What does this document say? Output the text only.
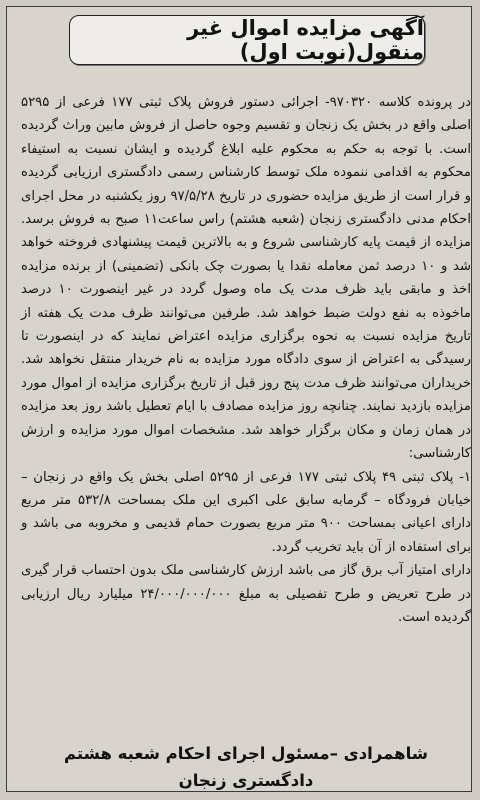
آگهی مزایده اموال غیر منقول(نوبت اول)

در پرونده کلاسه ۹۷۰۳۲۰- اجرائی دستور فروش پلاک ثبتی ۱۷۷ فرعی از ۵۲۹۵ اصلی واقع در بخش یک زنجان و تقسیم وجوه حاصل از فروش مابین وراث گردیده است. با توجه به حکم به محکوم علیه ابلاغ گردیده و ایشان نسبت به استیفاء محکوم به اقدامی ننموده ملک توسط کارشناس رسمی دادگستری ارزیابی گردیده و قرار است از طریق مزایده حضوری در تاریخ ۹۷/۵/۲۸ روز یکشنبه در محل اجرای احکام مدنی دادگستری زنجان (شعبه هشتم) راس ساعت۱۱ صبح به فروش برسد. مزایده از قیمت پایه کارشناسی شروع و به بالاترین قیمت پیشنهادی فروخته خواهد شد و ۱۰ درصد ثمن معامله نقدا یا بصورت چک بانکی (تضمینی) از برنده مزایده اخذ و مابقی باید ظرف مدت یک ماه وصول گردد در غیر اینصورت ۱۰ درصد ماخوذه به نفع دولت ضبط خواهد شد. طرفین می‌توانند ظرف مدت یک هفته از تاریخ مزایده نسبت به نحوه برگزاری مزایده اعتراض نمایند که در اینصورت تا رسیدگی به اعتراض از سوی دادگاه مورد مزایده به نام خریدار منتقل نخواهد شد. خریداران می‌توانند ظرف مدت پنج روز قبل از تاریخ برگزاری مزایده از اموال مورد مزایده بازدید نمایند. چنانچه روز مزایده مصادف با ایام تعطیل باشد روز بعد مزایده در همان زمان و مکان برگزار خواهد شد. مشخصات اموال مورد مزایده و ارزش کارشناسی:

۱- پلاک ثبتی ۴۹ پلاک ثبتی ۱۷۷ فرعی از ۵۲۹۵ اصلی بخش یک واقع در زنجان –خیابان فرودگاه – گرمابه سابق علی اکبری این ملک بمساحت ۵۳۲/۸ متر مربع دارای اعیانی بمساحت ۹۰۰ متر مربع بصورت حمام قدیمی و مخروبه می باشد و برای استفاده از آن باید تخریب گردد.

دارای امتیاز آب برق گاز می باشد ارزش کارشناسی ملک بدون احتساب قرار گیری در طرح تعریض و طرح تفصیلی به مبلغ ۲۴/۰۰۰/۰۰۰/۰۰۰ میلیارد ریال ارزیابی گردیده است.

شاهمرادی –مسئول اجرای احکام شعبه هشتم دادگستری زنجان
